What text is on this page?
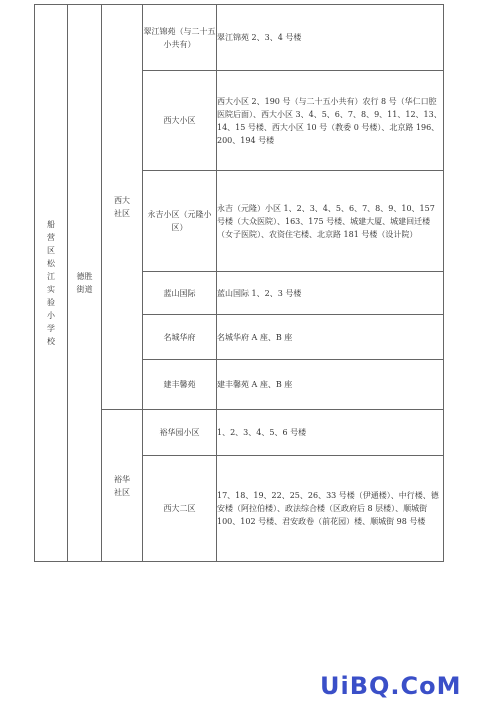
船营区松江实验小学校	德胜街道	西大社区	翠江锦苑（与二十五小共有）	翠江锦苑 2、3、4 号楼
			西大小区	西大小区 2、190 号（与二十五小共有）农行 8 号（华仁口腔医院后面）、西大小区 3、4、5、6、7、8、9、11、12、13、14、15 号楼、西大小区 10 号（教委 0 号楼）、北京路 196、200、194 号楼
			永吉小区（元隆小区）	永吉（元隆）小区 1、2、3、4、5、6、7、8、9、10、157 号楼（大众医院）、163、175 号楼、城建大厦、城建回迁楼（女子医院）、农资住宅楼、北京路 181 号楼（设计院）
			蓝山国际	蓝山国际 1、2、3 号楼
			名城华府	名城华府 A 座、B 座
			建丰馨苑	建丰馨苑 A 座、B 座
		裕华社区	裕华园小区	1、2、3、4、5、6 号楼
			西大二区	17、18、19、22、25、26、33 号楼（伊通楼）、中行楼、德安楼（阿拉伯楼）、政法综合楼（区政府后 8 层楼）、顺城街 100、102 号楼、君安政卷（前花园）楼、顺城街 98 号楼
UiBQ.CoM
